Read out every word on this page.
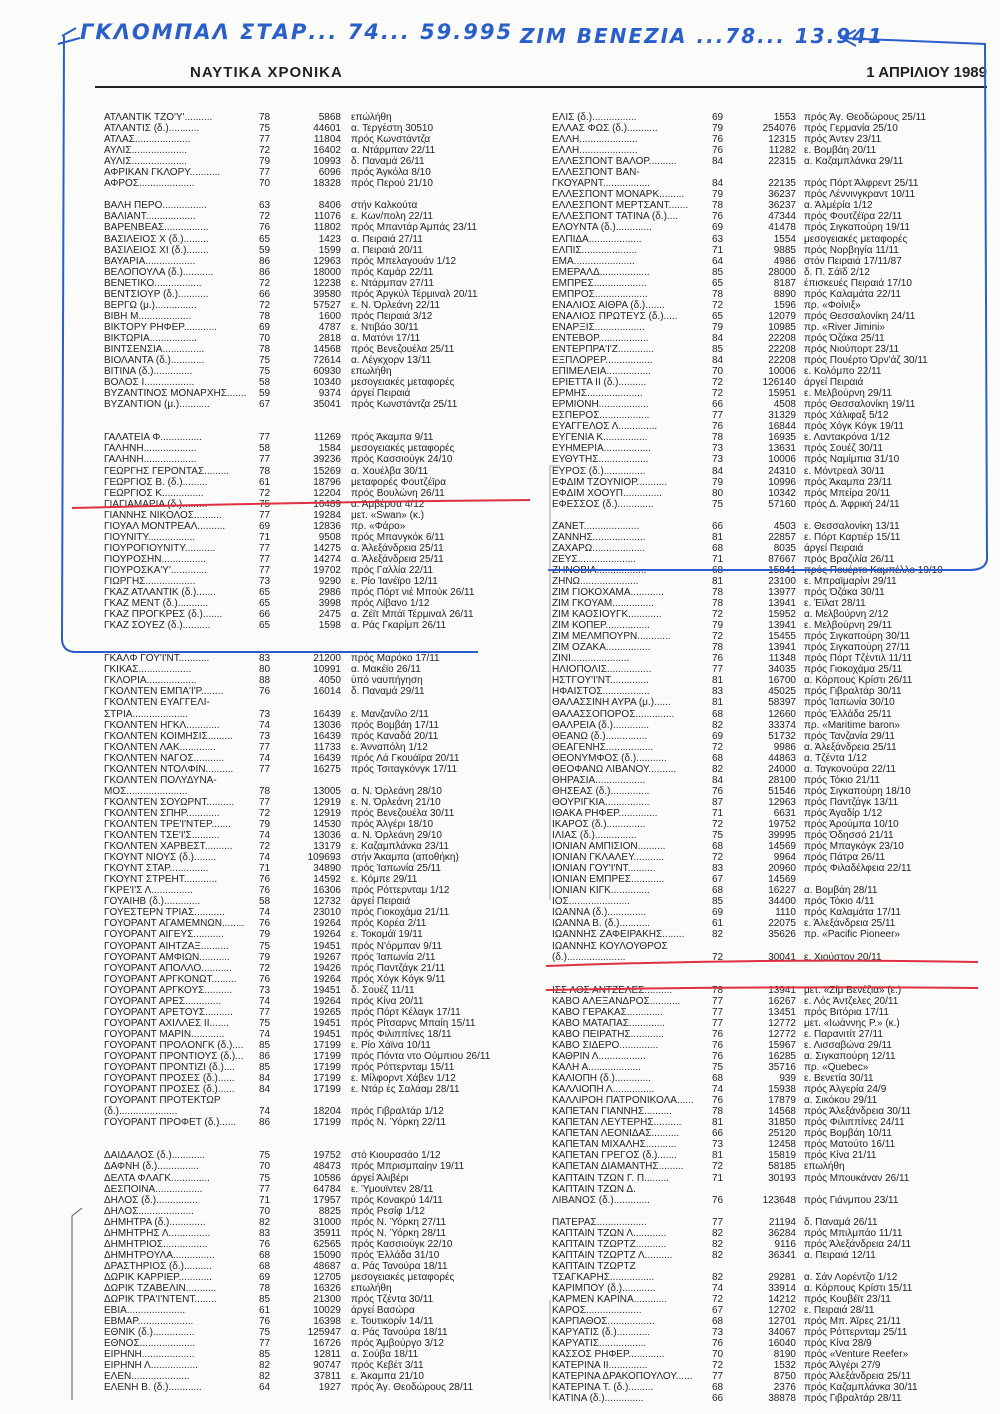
ΓΚΛΟΜΠΑΛ ΣΤΑΡ... 74... 59.995 ΖΙΜ ΒΕΝΕΖΙΑ ...78... 13.941
ΝΑΥΤΙΚΑ ΧΡΟΝΙΚΑ	1 ΑΠΡΙΛΙΟΥ 1989
ΑΤΛΑΝΤΙΚ ΤΖΟ'Υ'..........	78	5868	επώλήθη
ΑΤΛΑΝΤΙΣ (δ.)...........	75	44601	α. Τεργέστη 30510
ΑΤΛΑΣ....................	77	11804	πρός Κωνστάντζα
ΑΥΛΙΣ....................	72	16402	α. Ντάρμπαν 22/11
ΑΥΛΙΣ....................	79	10993	δ. Παναμά 26/11
ΑΦΡΙΚΑΝ ΓΚΛΟΡΥ...........	77	6096	πρός Άγκόλα 8/10
ΑΦΡΟΣ....................	70	18328	πρός Περού 21/10
ΒΑΛΗ ΠΕΡΟ................	63	8406	στήν Καλκούτα
ΒΑΛΙΑΝΤ..................	72	11076	ε. Κων/πολη 22/11
ΒΑΡΕΝΒΕΑΣ................	76	11802	πρός Μπαντάρ Άμπάς 23/11
ΒΑΣΙΛΕΙΟΣ Χ (δ.).........	65	1423	α. Πειραιά 27/11
ΒΑΣΙΛΕΙΟΣ ΧΙ (δ.)........	59	1599	α. Πειραιά 20/11
ΒΑΥΑΡΙΑ..................	86	12963	πρός Μπελαγουάν 1/12
ΒΕΛΟΠΟΥΛΑ (δ.)...........	86	18000	πρός Καμάρ 22/11
ΒΕΝΕΤΙΚΟ.................	72	12238	ε. Ντάρμπαν 27/11
ΒΕΝΤΣΙΟΥΡ (δ.)...........	66	39580	πρός Άργκύλ Τέρμιναλ 20/11
ΒΕΡΓΩ (μ.)...............	72	57527	ε. Ν. Όρλεάνη 22/11
ΒΙΒΗ Μ...................	78	1600	πρός Πειραιά 3/12
ΒΙΚΤΟΡΥ ΡΗΦΕΡ............	69	4787	ε. Ντιβάο 30/11
ΒΙΚΤΩΡΙΑ.................	70	2818	α. Ματόνι 17/11
ΒΙΝΤΣΕΝΣΙΑ...............	78	14568	πρός Βενεζουέλα 25/11
ΒΙΟΛΑΝΤΑ (δ.)............	75	72614	α. Λέγκχορν 13/11
ΒΙΤΙΝΑ (δ.)..............	75	60930	επωλήθη
ΒΟΛΟΣ Ι..................	58	10340	μεσογειακές μεταφορές
ΒΥΖΑΝΤΙΝΟΣ ΜΟΝΑΡΧΗΣ.......	59	9374	άργεί Πειραιά
ΒΥΖΑΝΤΙΟΝ (μ.)...........	67	35041	πρός Κωνστάντζα 25/11
ΓΑΛΑΤΕΙΑ Φ...............	77	11269	πρός Άκαμπα 9/11
ΓΑΛΗΝΗ...................	58	1584	μεσογειακές μεταφορές
ΓΑΛΗΝΗ...................	77	39236	πρός Κασσιούγκ 24/10
ΓΕΩΡΓΗΣ ΓΕΡΟΝΤΑΣ.........	78	15269	α. Χουέλβα 30/11
ΓΕΩΡΓΙΟΣ Β. (δ.).........	61	18796	μεταφορές Φουτζέϊρα
ΓΕΩΡΓΙΟΣ Κ...............	72	12204	πρός Βουλώνη 26/11
ΓΙΑΓΙΑΜΑΡΙΑ (δ.).........	75	16489	α. Άμβέρσα 4/12
ΓΙΑΝΝΗΣ ΝΙΚΟΛΟΣ..........	77	19284	μετ. «Swan» (κ.)
ΓΙΟΥΑΛ ΜΟΝΤΡΕΑΛ..........	69	12836	πρ. «Φάρο»
ΓΙΟΥΝΙΤΥ.................	71	9508	πρός Μπανγκόκ 6/11
ΓΙΟΥΡΟΓΙΟΥΝΙΤΥ...........	77	14275	α. Άλεξάνδρεια 25/11
ΓΙΟΥΡΟΣΗΝ................	77	14274	α. Άλεξάνδρεια 25/11
ΓΙΟΥΡΟΣΚΑ'Υ'.............	77	19702	πρός Γαλλία 22/11
ΓΙΩΡΓΗΣ..................	73	9290	ε. Ρίο Ίανέϊρο 12/11
ΓΚΑΖ ΑΤΛΑΝΤΙΚ (δ.).......	65	2986	πρός Πόρτ νιέ Μπούκ 26/11
ΓΚΑΖ ΜΕΝΤ (δ.)...........	65	3998	πρός Λίβανο 1/12
ΓΚΑΖ ΠΡΟΓΚΡΕΣ (δ.).......	66	2475	α. Ζέϊτ Μπάϊ Τέρμιναλ 26/11
ΓΚΑΖ ΣΟΥΕΖ (δ.)..........	65	1598	α. Ράς Γκαρίμπ 26/11
ΓΚΑΛΦ ΓΟΥ'Ι'ΝΤ...........	83	21200	πρός Μαρόκο 17/11
ΓΚΙΚΑΣ...................	80	10991	α. Μακέϊο 26/11
ΓΚΛΟΡΙΑ..................	88	4050	ύπό ναυπήγηση
ΓΚΟΛΝΤΕΝ ΕΜΠΑ'Ι'Ρ........	76	16014	δ. Παναμά 29/11
ΓΚΟΛΝΤΕΝ ΕΥΑΓΓΕΛΙ-
ΣΤΡΙΑ....................	73	16439	ε. Μανζανίλο 2/11
ΓΚΟΛΝΤΕΝ ΗΓΚΛ............	74	13036	πρός Βομβάη 17/11
ΓΚΟΛΝΤΕΝ ΚΟΙΜΗΣΙΣ.........	73	16439	πρός Καναδά 20/11
ΓΚΟΛΝΤΕΝ ΛΑΚ.............	77	11733	ε. Άνναπόλη 1/12
ΓΚΟΛΝΤΕΝ ΝΑΓΟΣ...........	74	16439	πρός Λά Γκουάϊρα 20/11
ΓΚΟΛΝΤΕΝ ΝΤΟΛΦΙΝ..........	77	16275	πρός Τσιταγκόνγκ 17/11
ΓΚΟΛΝΤΕΝ ΠΟΛΥΔΥΝΑ-
ΜΟΣ......................	78	13005	α. Ν. Όρλεάνη 28/10
ΓΚΟΛΝΤΕΝ ΣΟΥΩΡΝΤ..........	77	12919	ε. Ν. Όρλεάνη 21/10
ΓΚΟΛΝΤΕΝ ΣΠΗΡ............	72	12919	πρός Βενεζουέλα 30/11
ΓΚΟΛΝΤΕΝ ΤΡΕ'Ι'ΝΤΕΡ.......	79	14530	πρός Άλγέρι 18/10
ΓΚΟΛΝΤΕΝ ΤΣΕ'Ι'Σ..........	74	13036	α. Ν. Όρλεάνη 29/10
ΓΚΟΛΝΤΕΝ ΧΑΡΒΕΣΤ..........	72	13179	ε. Καζαμπλάνκα 23/11
ΓΚΟΥΝΤ ΝΙΟΥΣ (δ.)........	74	109693	στήν Άκαμπα (αποθήκη)
ΓΚΟΥΝΤ ΣΤΑΡ..............	71	34890	πρός Ίαπωνία 25/11
ΓΚΟΥΝΤ ΣΤΡΕΗΤ............	76	14592	ε. Κόμπε 29/11
ΓΚΡΕ'Ι'Σ Λ...............	76	16306	πρός Ρόττερνταμ 1/12
ΓΟΥΑΙΗΒ (δ.).............	58	12732	άργεί Πειραιά
ΓΟΥΕΣΤΕΡΝ ΤΡΙΑΣ...........	74	23010	πρός Γιοκοχάμα 21/11
ΓΟΥΟΡΑΝΤ ΑΓΑΜΕΜΝΩΝ........	76	19264	πρός Κορέα 2/11
ΓΟΥΟΡΑΝΤ ΑΙΓΕΥΣ...........	79	19264	ε. Τοκομάϊ 19/11
ΓΟΥΟΡΑΝΤ ΑΙΗΤΖΑΞ..........	75	19451	πρός Ν'όρμπαν 9/11
ΓΟΥΟΡΑΝΤ ΑΜΦΙΩΝ...........	79	19267	πρός Ίαπωνία 2/11
ΓΟΥΟΡΑΝΤ ΑΠΟΛΛΟ...........	72	19426	πρός Παντζάγκ 21/11
ΓΟΥΟΡΑΝΤ ΑΡΓΚΟΝΩΤ.........	76	19264	πρός Χόγκ Κόγκ 9/11
ΓΟΥΟΡΑΝΤ ΑΡΓΚΟΥΣ..........	73	19451	δ. Σουέζ 11/11
ΓΟΥΟΡΑΝΤ ΑΡΕΣ.............	74	19264	πρός Κίνα 20/11
ΓΟΥΟΡΑΝΤ ΑΡΕΤΟΥΣ..........	77	19265	πρός Πόρτ Κέλαγκ 17/11
ΓΟΥΟΡΑΝΤ ΑΧΙΛΛΕΣ ΙΙ.......	75	19451	πρός Ρίτσαρνς Μπαίη 15/11
ΓΟΥΟΡΑΝΤ ΜΑΡΙΝ............	74	19451	πρός Φιλιππίνες 18/11
ΓΟΥΟΡΑΝΤ ΠΡΟΛΟΝΓΚ (δ.)....	85	17199	ε. Ρίο Χάϊνα 10/11
ΓΟΥΟΡΑΝΤ ΠΡΟΝΤΙΟΥΣ (δ.)...	86	17199	πρός Πόντα ντο Ούμπιου 26/11
ΓΟΥΟΡΑΝΤ ΠΡΟΝΤΙΖΙ (δ.)....	85	17199	πρός Ρόττερνταμ 15/11
ΓΟΥΟΡΑΝΤ ΠΡΟΣΕΣ (δ.)......	84	17199	ε. Μίλφορντ Χάβεν 1/12
ΓΟΥΟΡΑΝΤ ΠΡΟΣΕΣ (δ.)......	84	17199	ε. Ντάρ ές Σαλάαμ 28/11
ΓΟΥΟΡΑΝΤ ΠΡΟΤΕΚΤΩΡ
(δ.).....................	74	18204	πρός Γιβραλτάρ 1/12
ΓΟΥΟΡΑΝΤ ΠΡΟΦΕΤ (δ.)......	86	17199	πρός Ν. Ύόρκη 22/11
ΔΑΙΔΑΛΟΣ (δ.)............	75	19752	στό Κιουρασάο 1/12
ΔΑΦΝΗ (δ.)...............	70	48473	πρός Μπρισμπαίην 19/11
ΔΕΛΤΑ ΦΛΑΓΚ..............	75	10586	άργεί Άλιβέρι
ΔΕΣΠΟΙΝΑ.................	77	64784	ε. Ύμουϊντεν 28/11
ΔΗΛΟΣ (δ.)...............	71	17957	πρός Κονακρύ 14/11
ΔΗΛΟΣ....................	70	8825	πρός Ρεσίφ 1/12
ΔΗΜΗΤΡΑ (δ.).............	82	31000	πρός Ν. Ύόρκη 27/11
ΔΗΜΗΤΡΗΣ Λ...............	83	35911	πρός Ν. Ύόρκη 28/11
ΔΗΜΗΤΡΙΟΣ................	76	62565	πρός Κασσιούγκ 22/10
ΔΗΜΗΤΡΟΥΛΑ...............	68	15090	πρός Έλλάδα 31/10
ΔΡΑΣΤΗΡΙΟΣ (δ.)..........	68	48687	α. Ράς Τανούρα 18/11
ΔΩΡΙΚ ΚΑΡΡΙΕΡ............	69	12705	μεσογειακές μεταφορές
ΔΩΡΙΚ ΤΖΑΒΕΛΙΝ...........	78	16326	επωλήθη
ΔΩΡΙΚ ΤΡΑ'Ι'ΝΤΕΝΤ........	85	21300	πρός Τζέντα 30/11
ΕΒΙΑ.....................	61	10029	άργεί Βασώρα
ΕΒΜΑΡ....................	76	16398	ε. Τουτικορίν 14/11
ΕΘΝΙΚ (δ.)...............	75	125947	α. Ράς Τανούρα 18/11
ΕΘΝΟΣ....................	77	16726	πρός Άμβούργο 3/12
ΕΙΡΗΝΗ...................	85	12811	α. Σούβα 18/11
ΕΙΡΗΝΗ Λ.................	82	90747	πρός Κεβέτ 3/11
ΕΛΕΝ.....................	82	37811	ε. Άκαμπα 21/10
ΕΛΕΝΗ Β. (δ.)............	64	1927	πρός Άγ. Θεοδώρους 28/11
ΕΛΙΣ (δ.)................	69	1553 πρός Άγ. Θεοδώρους 25/11
ΕΛΛΑΣ ΦΩΣ (δ.)...........	79	254076 πρός Γερμανία 25/10
ΕΛΛΗ.....................	76	12315 πρός Άντεν 23/11
ΕΛΛΗ.....................	76	11282 ε. Βομβάη 20/11
ΕΛΛΕΣΠΟΝΤ ΒΑΛΟΡ..........	84	22315 α. Καζαμπλάνκα 29/11
ΕΛΛΕΣΠΟΝΤ ΒΑΝ-
ΓΚΟΥΑΡΝΤ.................	84	22135 πρός Πόρτ Άλφρεντ 25/11
ΕΛΛΕΣΠΟΝΤ ΜΟΝΑΡΚ.........	79	36237 πρός Λέννινγκραντ 10/11
ΕΛΛΕΣΠΟΝΤ ΜΕΡΤΣΑΝΤ.......	78	36237 α. Άλμέρία 1/12
ΕΛΛΕΣΠΟΝΤ ΤΑΤΙΝΑ (δ.)....	76	47344 πρός Φουτζέϊρα 22/11
ΕΛΟΥΝΤΑ (δ.).............	69	41478 πρός Σιγκαπούρη 19/11
ΕΛΠΙΔΑ...................	63	1554 μεσογειακές μεταφορές
ΕΛΠΙΣ....................	71	9885 πρός Νορβηγία 11/11
ΕΜΑ......................	64	4986 στόν Πειραιά 17/11/87
ΕΜΕΡΑΛΔ..................	85	28000 δ. Π. Σάϊδ 2/12
ΕΜΠΡΕΣ...................	65	8187 έπισκευές Πειραιά 17/10
ΕΜΠΡΟΣ...................	78	8890 πρός Καλαμάτα 22/11
ΕΝΑΛΙΟΣ ΑΙΘΡΑ (δ.).......	72	1596 πρ. «Φοίνιξ»
ΕΝΑΛΙΟΣ ΠΡΩΤΕΥΣ (δ.).....	65	12079 πρός Θεσσαλονίκη 24/11
ΕΝΑΡΞΙΣ..................	79	10985 πρ. «River Jimini»
ΕΝΤΕΒΟΡ..................	84	22208 πρός Όζάκα 25/11
ΕΝΤΕΡΠΡΑ'Ι'Ζ.............	85	22208 πρός Νιούπορτ 23/11
ΕΞΠΛΟΡΕΡ.................	84	22208 πρός Πουέρτο Όρν'άζ 30/11
ΕΠΙΜΕΛΕΙΑ................	70	10006 ε. Κολόμπο 22/11
ΕΡΙΕΤΤΑ ΙΙ (δ.)..........	72	126140 άργεί Πειραιά
ΕΡΜΗΣ....................	72	15951 ε. Μελβούρνη 29/11
ΕΡΜΙΟΝΗ..................	66	4508 πρός Θεσσαλονίκη 19/11
ΕΣΠΕΡΟΣ..................	77	31329 πρός Χάλιφαξ 5/12
ΕΥΑΓΓΕΛΟΣ Λ..............	76	16844 πρός Χόγκ Κόγκ 19/11
ΕΥΓΕΝΙΑ Κ................	78	16935 ε. Λαντακρόνα 1/12
ΕΥΗΜΕΡΙΑ.................	73	13631 πρός Σουέζ 30/11
ΕΥΘΥΤΗΣ..................	73	10006 πρός Ναμίμπια 31/10
ΕΥΡΟΣ (δ.)...............	84	24310 ε. Μόντρεαλ 30/11
ΕΦΔΙΜ ΤΖΟΥΝΙΟΡ...........	79	10996 πρός Άκαμπα 23/11
ΕΦΔΙΜ ΧΟΟΥΠ..............	80	10342 πρός Μπείρα 20/11
ΕΦΕΣΣΟΣ (δ.).............	75	57160 πρός Δ. Άφρική 24/11
ΖΑΝΕΤ....................	66	4503 ε. Θεσσαλονίκη 13/11
ΖΑΝΝΗΣ...................	81	22857 ε. Πόρτ Καρτιέρ 15/11
ΖΑΧΑΡΩ...................	68	8035 άργεί Πειραιά
ΖΕΥΣ.....................	71	87667 πρός Βραζιλία 26/11
ΖΗΝΟΒΙΑ..................	68	15841 πρός Πουέρτο Καμπέλλο 19/10
ΖΗΝΩ.....................	81	23100 ε. Μπραϊμαρίνι 29/11
ΖΙΜ ΓΙΟΚΟΧΑΜΑ............	78	13977 πρός Όζάκα 30/11
ΖΙΜ ΓΚΟΥΑΜ...............	78	13941 ε. Έϊλατ 28/11
ΖΙΜ ΚΑΟΣΙΟΥΓΚ............	72	15952 α. Μελβούρνη 2/12
ΖΙΜ ΚΟΠΕΡ................	79	13941 ε. Μελβούρνη 29/11
ΖΙΜ ΜΕΛΜΠΟΥΡΝ............	72	15455 πρός Σιγκαπούρη 30/11
ΖΙΜ ΟΖΑΚΑ................	78	13941 πρός Σιγκαπούρη 27/11
ΖΙΝΙ.....................	76	11348 πρός Πόρτ Τζέντιλ 11/11
ΗΛΙΟΠΟΛΙΣ................	77	34035 πρός Γιοκοχάμα 25/11
ΗΣΤΓΟΥ'Ι'ΝΤ..............	81	16700 α. Κόρπους Κρίστι 26/11
ΗΦΑΙΣΤΟΣ.................	83	45025 πρός Γιβραλτάρ 30/11
ΘΑΛΑΣΣΙΝΗ ΑΥΡΑ (μ.)......	81	58397 πρός Ίαπωνία 30/10
ΘΑΛΑΣΣΟΠΟΡΟΣ..............	68	12660 πρός Έλλάδα 25/11
ΘΑΛΡΕΙΑ (δ.).............	82	33374 πρ. «Maritime baron»
ΘΕΑΝΩ (δ.)...............	69	51732 πρός Τανζανία 29/11
ΘΕΑΓΕΝΗΣ.................	72	9986 α. Άλεξάνδρεια 25/11
ΘΕΟΝΥΜΦΟΣ (δ.)...........	68	44863 α. Τζέντα 1/12
ΘΕΟΦΑΝΩ ΛΙΒΑΝΟΥ..........	82	24000 α. Ταγκονούρα 22/11
ΘΗΡΑΣΙΑ..................	84	28100 πρός Τόκιο 21/11
ΘΗΣΕΑΣ (δ.)..............	76	51546 πρός Σιγκαπούρη 18/10
ΘΟΥΡΙΓΚΙΑ................	87	12963 πρός Παντζάγκ 13/11
ΙΘΑΚΑ ΡΗΦΕΡ..............	71	6631 πρός Άγαδίρ 1/12
ΙΚΑΡΟΣ (δ.)..............	72	19752 πρός Άρούμπα 10/10
ΙΛΙΑΣ (δ.)...............	75	39995 πρός Όδησσό 21/11
ΙΟΝΙΑΝ ΑΜΠΙΣΙΟΝ..........	68	14569 πρός Μπαγκόγκ 23/10
ΙΟΝΙΑΝ ΓΚΛΑΛΕΥ...........	72	9964 πρός Πάτρα 26/11
ΙΟΝΙΑΝ ΓΟΥ'Ι'ΝΤ..........	83	20960 πρός Φιλαδέλφεια 22/11
ΙΟΝΙΑΝ ΕΜΠΡΕΣ............	67	14569
ΙΟΝΙΑΝ ΚΙΓΚ..............	68	16227 α. Βομβάη 28/11
ΙΟΣ......................	85	34400 πρός Τόκιο 4/11
ΙΩΑΝΝΑ (δ.)..............	69	1110 πρός Καλαμάτα 17/11
ΙΩΑΝΝΑ Β. (δ.)...........	61	22075 ε. Άλεξάνδρεια 25/11
ΙΩΑΝΝΗΣ ΖΑΦΕΙΡΑΚΗΣ........	82	35626 πρ. «Pacific Pioneer»
ΙΩΑΝΝΗΣ ΚΟΥΛΟΥΘΡΟΣ
(δ.).....................	72	30041 ε. Χιούστον 20/11
ΙΣΣ ΛΟΣ ΑΝΤΖΕΛΕΣ..........	78	13941 μετ. «Ζίμ Βενέζια» (ε.)
ΚΑΒΟ ΑΛΕΞΑΝΔΡΟΣ...........	77	16267 ε. Λός Άντζελες 20/11
ΚΑΒΟ ΓΕΡΑΚΑΣ.............	77	13451 πρός Βιτόρια 17/11
ΚΑΒΟ ΜΑΤΑΠΑΣ.............	77	12772 μετ. «Ιωάννης Ρ.» (κ.)
ΚΑΒΟ ΠΕΙΡΑΤΗΣ............	76	12772 ε. Παρανιτίτ 27/11
ΚΑΒΟ ΣΙΔΕΡΟ..............	76	15967 ε. Λισσαβώνα 29/11
ΚΑΘΡΙΝ Λ.................	76	16285 α. Σιγκαπούρη 12/11
ΚΑΛΗ Α...................	75	35716 πρ. «Quebec»
ΚΑΛΙΟΠΗ (δ.).............	68	939 ε. Βενετία 30/11
ΚΑΛΛΙΟΠΗ Λ...............	74	15938 πρός Άλγερία 24/9
ΚΑΛΛΙΡΟΗ ΠΑΤΡΟΝΙΚΟΛΑ......	76	17879 α. Σικόκου 29/11
ΚΑΠΕΤΑΝ ΓΙΑΝΝΗΣ..........	78	14568 πρός Άλεξάνδρεια 30/11
ΚΑΠΕΤΑΝ ΛΕΥΤΕΡΗΣ..........	81	31850 πρός Φιλιππίνες 24/11
ΚΑΠΕΤΑΝ ΛΕΟΝΙΔΑΣ..........	66	25120 πρός Βομβάη 10/11
ΚΑΠΕΤΑΝ ΜΙΧΑΛΗΣ...........	73	12458 πρός Ματούτο 16/11
ΚΑΠΕΤΑΝ ΓΡΕΓΟΣ (δ.).......	81	15819 πρός Κίνα 21/11
ΚΑΠΕΤΑΝ ΔΙΑΜΑΝΤΗΣ.........	72	58185 επωλήθη
ΚΑΠΤΑΙΝ ΤΖΩΝ Γ. Π.........	71	30193 πρός Μπουκάναν 26/11
ΚΑΠΤΑΙΝ ΤΖΩΝ Δ.
ΛΙΒΑΝΟΣ (δ.).............	76	123648 πρός Γιάνμπου 23/11
ΠΑΤΕΡΑΣ..................	77	21194 δ. Παναμά 26/11
ΚΑΠΤΑΙΝ ΤΖΩΝ Λ............	82	36284 πρός Μπιλμπάο 11/11
ΚΑΠΤΑΙΝ ΤΖΩΡΤΖ...........	82	9116 πρός Άλεξάνδρεια 24/11
ΚΑΠΤΑΙΝ ΤΖΩΡΤΖ Λ..........	82	36341 α. Πειραιά 12/11
ΚΑΠΤΑΙΝ ΤΖΩΡΤΖ
ΤΣΑΓΚΑΡΗΣ................	82	29281 α. Σάν Λορέντζο 1/12
ΚΑΡΙΜΠΟΥ (δ.)............	74	33914 α. Κόρπους Κρίστι 15/11
ΚΑΡΜΕΝ ΚΑΡΙΝΑ............	72	14212 πρός Κουβέϊτ 23/11
ΚΑΡΟΣ....................	67	12702 ε. Πειραιά 28/11
ΚΑΡΠΑΘΟΣ.................	68	12701 πρός Μπ. Άϊρες 21/11
ΚΑΡΥΑΤΙΣ (δ.)............	73	34067 πρός Ρόττερνταμ 25/11
ΚΑΡΥΑΤΙΣ.................	76	16040 πρός Κίνα 28/9
ΚΑΣΣΟΣ ΡΗΦΕΡ.............	70	8190 πρός «Venture Reefer»
ΚΑΤΕΡΙΝΑ ΙΙ..............	72	1532 πρός Άλγέρι 27/9
ΚΑΤΕΡΙΝΑ ΔΡΑΚΟΠΟΥΛΟΥ......	77	8750 πρός Άλεξάνδρεια 25/11
ΚΑΤΕΡΙΝΑ Τ. (δ.).........	68	2376 πρός Καζαμπλάνκα 30/11
ΚΑΤΙΝΑ (δ.)..............	66	38878 πρός Γιβραλτάρ 28/11
